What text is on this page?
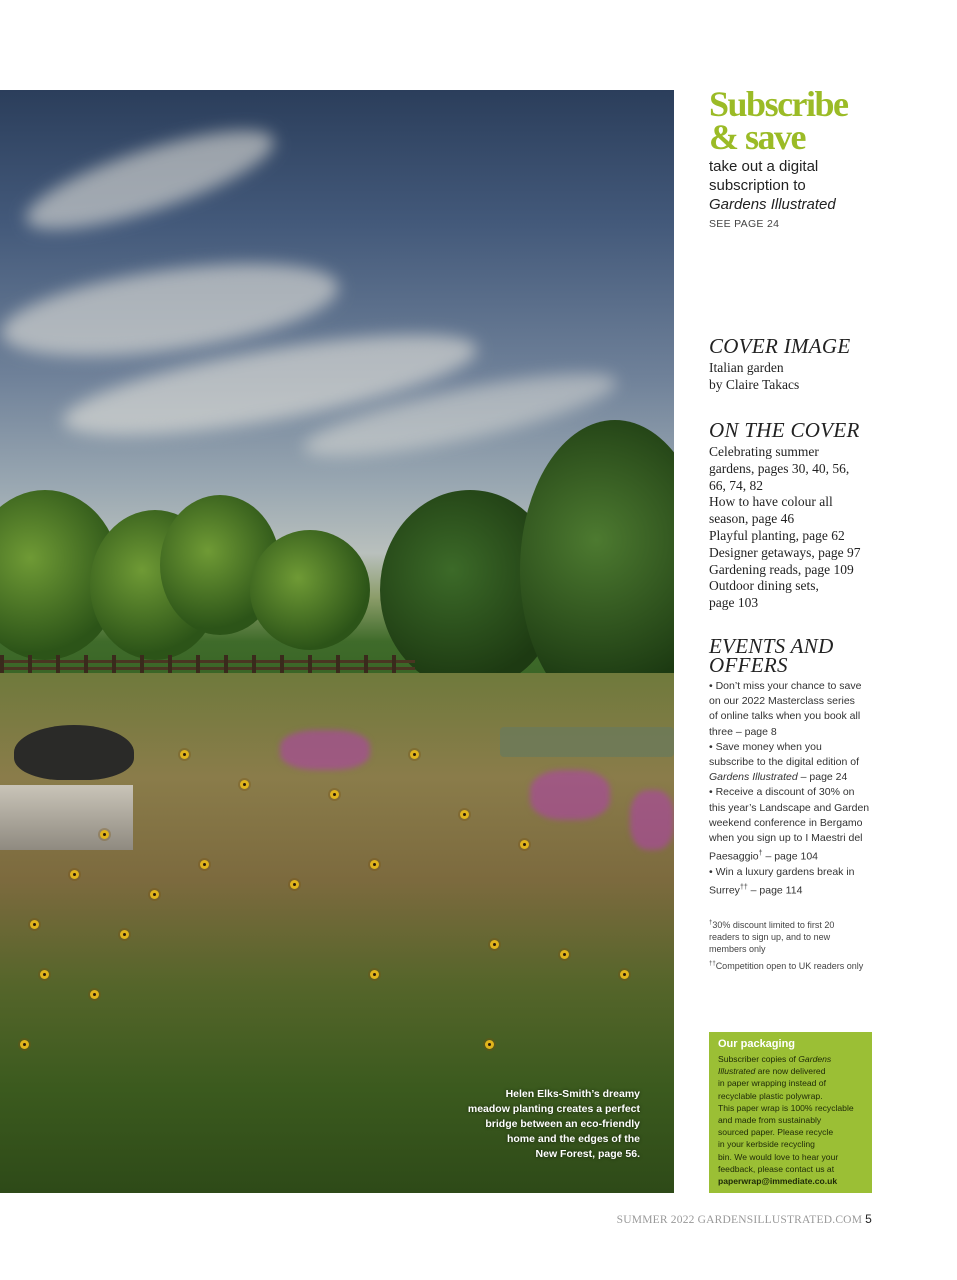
Helen Elks-Smith’s dreamy
meadow planting creates a perfect
bridge between an eco-friendly
home and the edges of the
New Forest, page 56.
Subscribe
& save
take out a digital
subscription to
Gardens Illustrated
SEE PAGE 24
COVER IMAGE
Italian garden
by Claire Takacs
ON THE COVER
Celebrating summer
gardens, pages 30, 40, 56,
66, 74, 82
How to have colour all
season, page 46
Playful planting, page 62
Designer getaways, page 97
Gardening reads, page 109
Outdoor dining sets,
page 103
EVENTS AND
OFFERS

• Don’t miss your chance to save

on our 2022 Masterclass series

of online talks when you book all

three – page 8

• Save money when you

subscribe to the digital edition of

Gardens Illustrated – page 24

• Receive a discount of 30% on

this year’s Landscape and Garden

weekend conference in Bergamo

when you sign up to I Maestri del

Paesaggio† – page 104

• Win a luxury gardens break in

Surrey†† – page 114

†30% discount limited to first 20
readers to sign up, and to new
members only

††Competition open to UK readers only

Our packaging
Subscriber copies of Gardens
Illustrated are now delivered
in paper wrapping instead of
recyclable plastic polywrap.
This paper wrap is 100% recyclable
and made from sustainably
sourced paper. Please recycle
in your kerbside recycling
bin. We would love to hear your
feedback, please contact us at
paperwrap@immediate.co.uk
SUMMER 2022 GARDENSILLUSTRATED.COM 5
